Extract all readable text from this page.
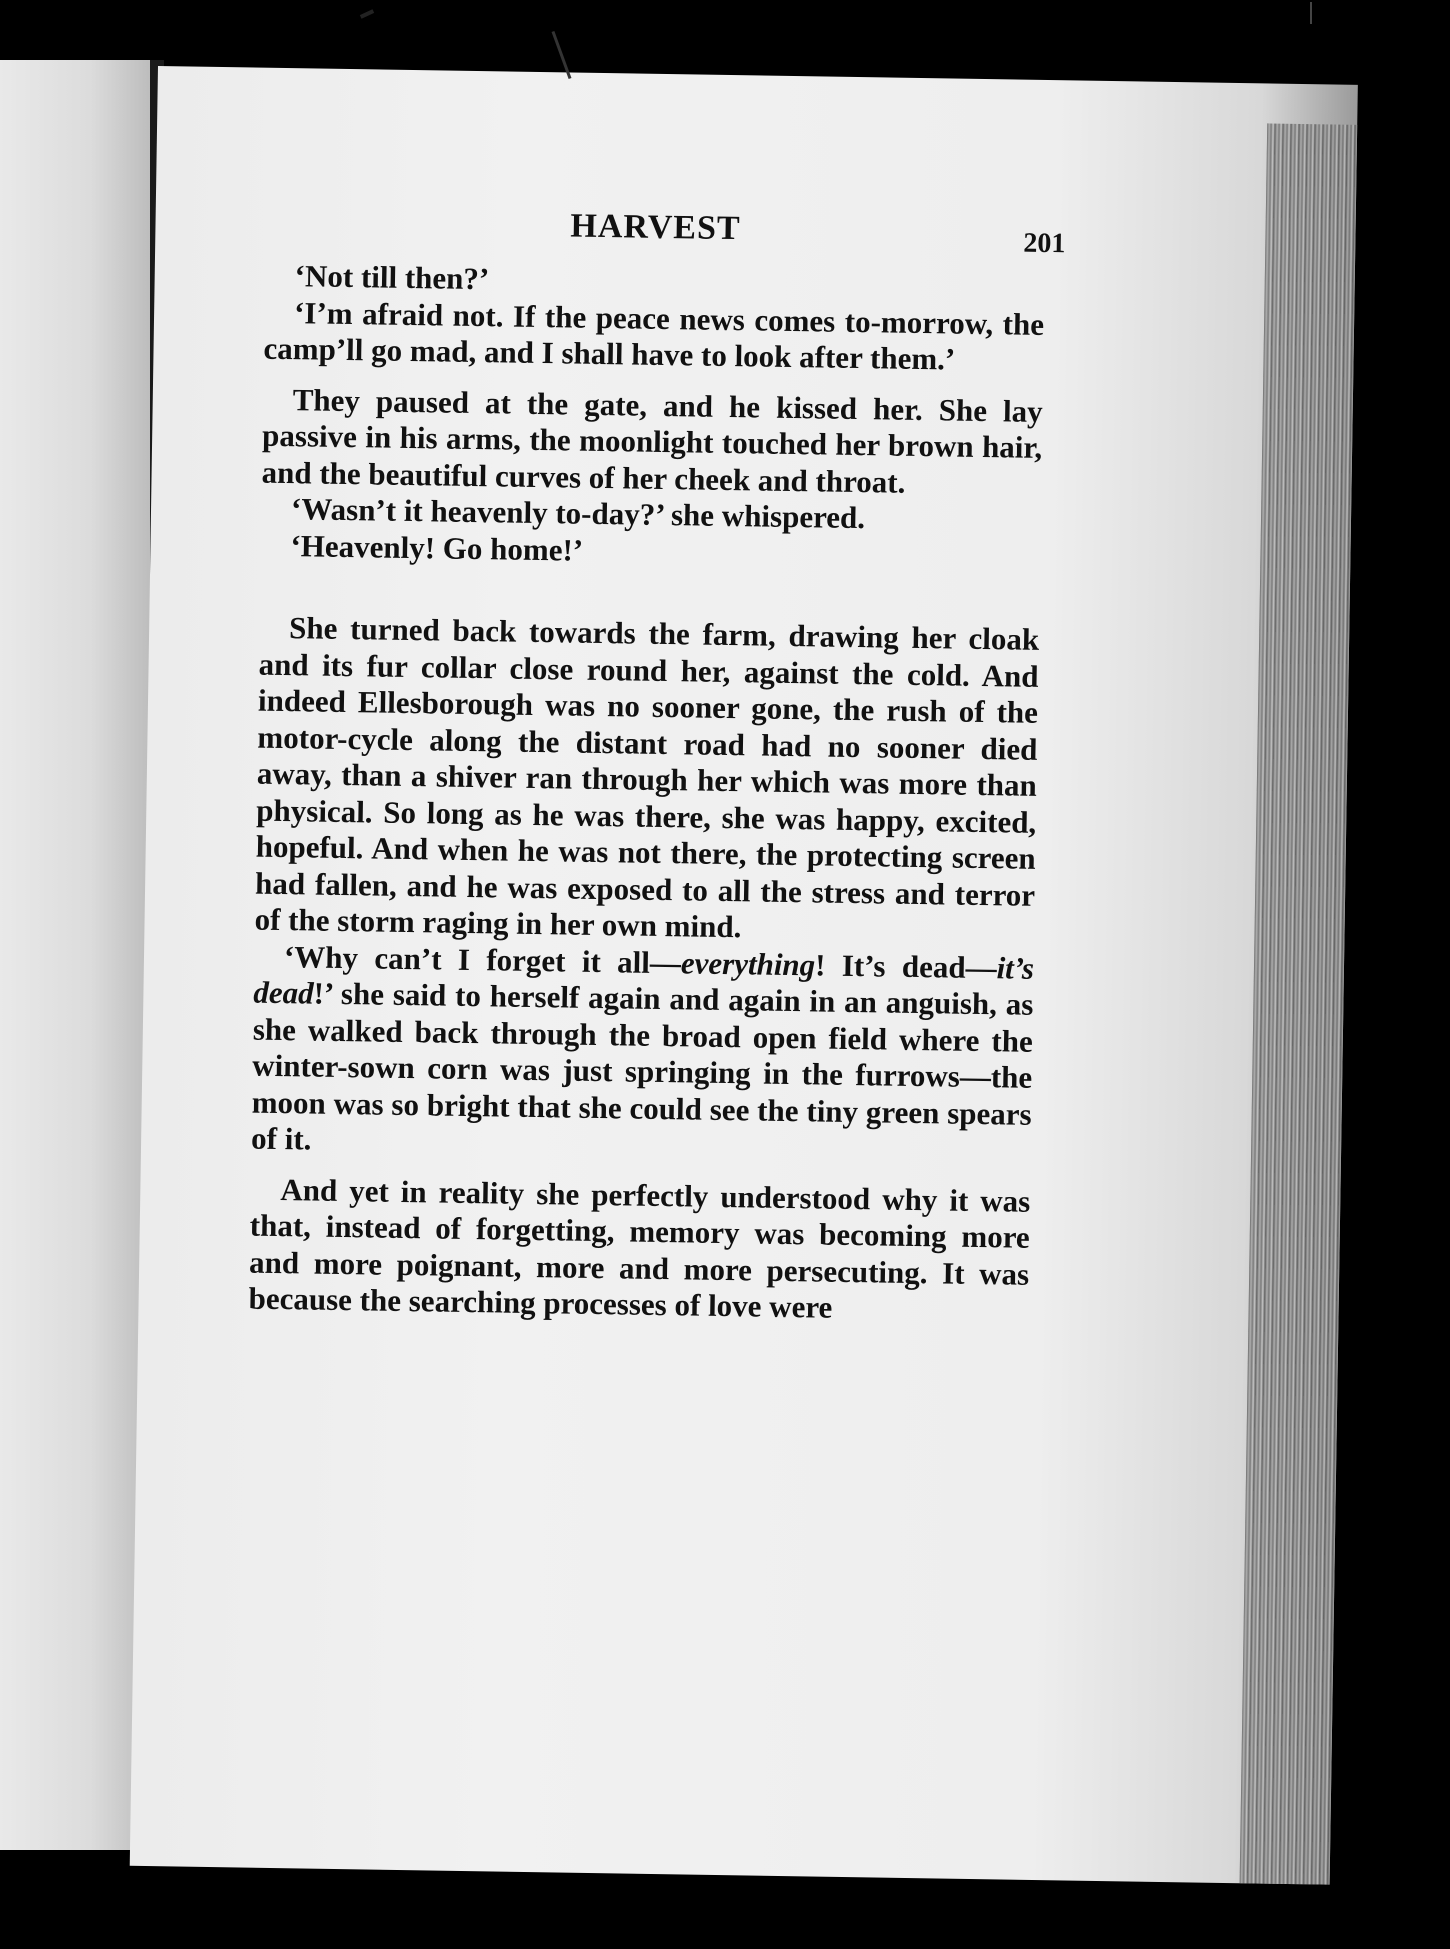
HARVEST	201

‘Not till then?’

‘I’m afraid not. If the peace news comes to-morrow, the camp’ll go mad, and I shall have to look after them.’

They paused at the gate, and he kissed her. She lay passive in his arms, the moonlight touched her brown hair, and the beautiful curves of her cheek and throat.

‘Wasn’t it heavenly to-day?’ she whispered.

‘Heavenly! Go home!’

She turned back towards the farm, drawing her cloak and its fur collar close round her, against the cold. And indeed Ellesborough was no sooner gone, the rush of the motor-cycle along the distant road had no sooner died away, than a shiver ran through her which was more than physical. So long as he was there, she was happy, excited, hopeful. And when he was not there, the protecting screen had fallen, and he was exposed to all the stress and terror of the storm raging in her own mind.

‘Why can’t I forget it all—everything! It’s dead—it’s dead!’ she said to herself again and again in an anguish, as she walked back through the broad open field where the winter-sown corn was just springing in the furrows—the moon was so bright that she could see the tiny green spears of it.

And yet in reality she perfectly understood why it was that, instead of forgetting, memory was becoming more and more poignant, more and more persecuting. It was because the searching processes of love were
